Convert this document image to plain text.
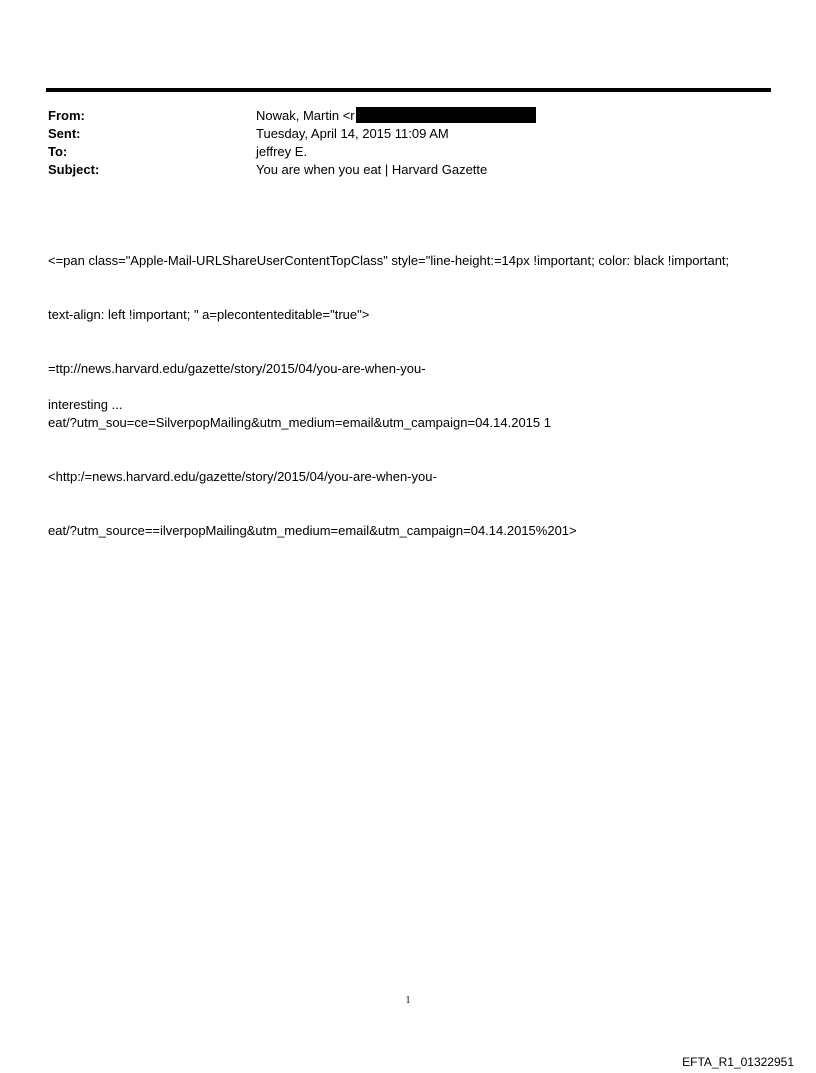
From:	Nowak, Martin <r
Sent:	Tuesday, April 14, 2015 11:09 AM
To:	jeffrey E.
Subject:	You are when you eat | Harvard Gazette

<=pan class="Apple-Mail-URLShareUserContentTopClass" style="line-height:=14px !important; color: black !important;

text-align: left !important; " a=plecontenteditable="true">

=ttp://news.harvard.edu/gazette/story/2015/04/you-are-when-you-

eat/?utm_sou=ce=SilverpopMailing&utm_medium=email&utm_campaign=04.14.2015 1

<http:/=news.harvard.edu/gazette/story/2015/04/you-are-when-you-

eat/?utm_source==ilverpopMailing&utm_medium=email&utm_campaign=04.14.2015%201>

interesting ...
1
EFTA_R1_01322951
